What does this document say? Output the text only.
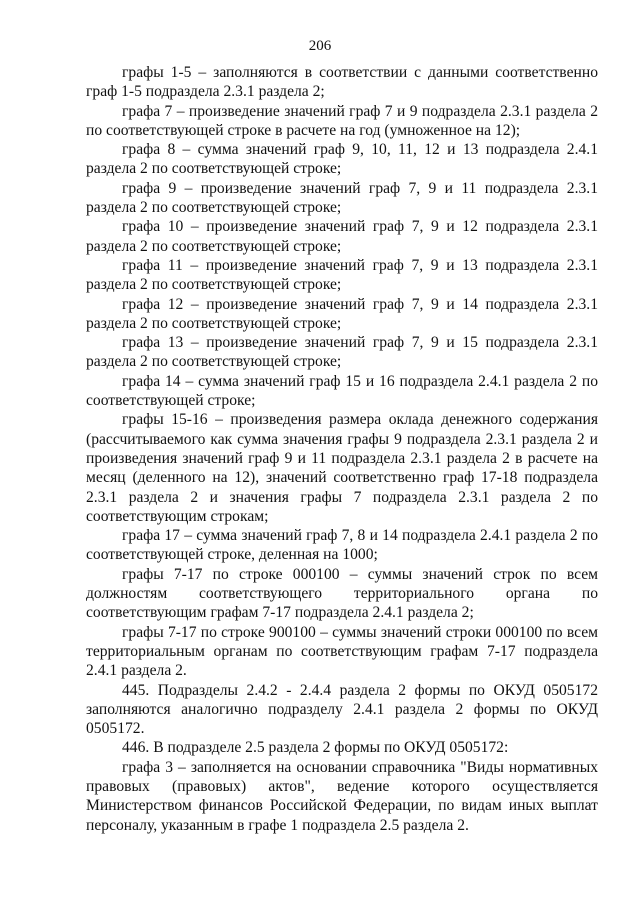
206

графы 1-5 – заполняются в соответствии с данными соответственно граф 1-5 подраздела 2.3.1 раздела 2;

графа 7 – произведение значений граф 7 и 9 подраздела 2.3.1 раздела 2 по соответствующей строке в расчете на год (умноженное на 12);

графа 8 – сумма значений граф 9, 10, 11, 12 и 13 подраздела 2.4.1 раздела 2 по соответствующей строке;

графа 9 – произведение значений граф 7, 9 и 11 подраздела 2.3.1 раздела 2 по соответствующей строке;

графа 10 – произведение значений граф 7, 9 и 12 подраздела 2.3.1 раздела 2 по соответствующей строке;

графа 11 – произведение значений граф 7, 9 и 13 подраздела 2.3.1 раздела 2 по соответствующей строке;

графа 12 – произведение значений граф 7, 9 и 14 подраздела 2.3.1 раздела 2 по соответствующей строке;

графа 13 – произведение значений граф 7, 9 и 15 подраздела 2.3.1 раздела 2 по соответствующей строке;

графа 14 – сумма значений граф 15 и 16 подраздела 2.4.1 раздела 2 по соответствующей строке;

графы 15-16 – произведения размера оклада денежного содержания (рассчитываемого как сумма значения графы 9 подраздела 2.3.1 раздела 2 и произведения значений граф 9 и 11 подраздела 2.3.1 раздела 2 в расчете на месяц (деленного на 12), значений соответственно граф 17-18 подраздела 2.3.1 раздела 2 и значения графы 7 подраздела 2.3.1 раздела 2 по соответствующим строкам;

графа 17 – сумма значений граф 7, 8 и 14 подраздела 2.4.1 раздела 2 по соответствующей строке, деленная на 1000;

графы 7-17 по строке 000100 – суммы значений строк по всем должностям соответствующего территориального органа по соответствующим графам 7-17 подраздела 2.4.1 раздела 2;

графы 7-17 по строке 900100 – суммы значений строки 000100 по всем территориальным органам по соответствующим графам 7-17 подраздела 2.4.1 раздела 2.

445. Подразделы 2.4.2 - 2.4.4 раздела 2 формы по ОКУД 0505172 заполняются аналогично подразделу 2.4.1 раздела 2 формы по ОКУД 0505172.

446. В подразделе 2.5 раздела 2 формы по ОКУД 0505172:

графа 3 – заполняется на основании справочника "Виды нормативных правовых (правовых) актов", ведение которого осуществляется Министерством финансов Российской Федерации, по видам иных выплат персоналу, указанным в графе 1 подраздела 2.5 раздела 2.
